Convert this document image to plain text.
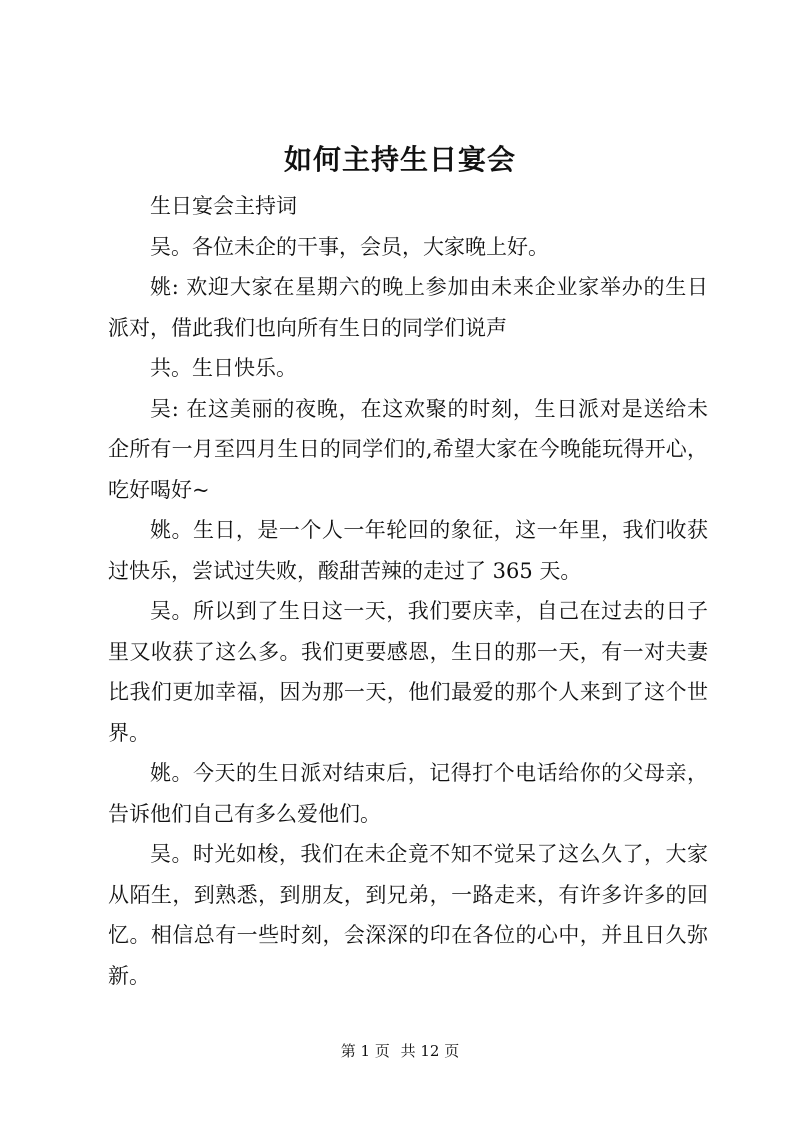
如何主持生日宴会

生日宴会主持词

吴。各位未企的干事，会员，大家晚上好。

姚: 欢迎大家在星期六的晚上参加由未来企业家举办的生日派对，借此我们也向所有生日的同学们说声

共。生日快乐。

吴: 在这美丽的夜晚，在这欢聚的时刻，生日派对是送给未企所有一月至四月生日的同学们的,希望大家在今晚能玩得开心，吃好喝好~

姚。生日，是一个人一年轮回的象征，这一年里，我们收获过快乐，尝试过失败，酸甜苦辣的走过了 365 天。

吴。所以到了生日这一天，我们要庆幸，自己在过去的日子里又收获了这么多。我们更要感恩，生日的那一天，有一对夫妻比我们更加幸福，因为那一天，他们最爱的那个人来到了这个世界。

姚。今天的生日派对结束后，记得打个电话给你的父母亲，告诉他们自己有多么爱他们。

吴。时光如梭，我们在未企竟不知不觉呆了这么久了，大家从陌生，到熟悉，到朋友，到兄弟，一路走来，有许多许多的回忆。相信总有一些时刻，会深深的印在各位的心中，并且日久弥新。

第 1 页 共 12 页
